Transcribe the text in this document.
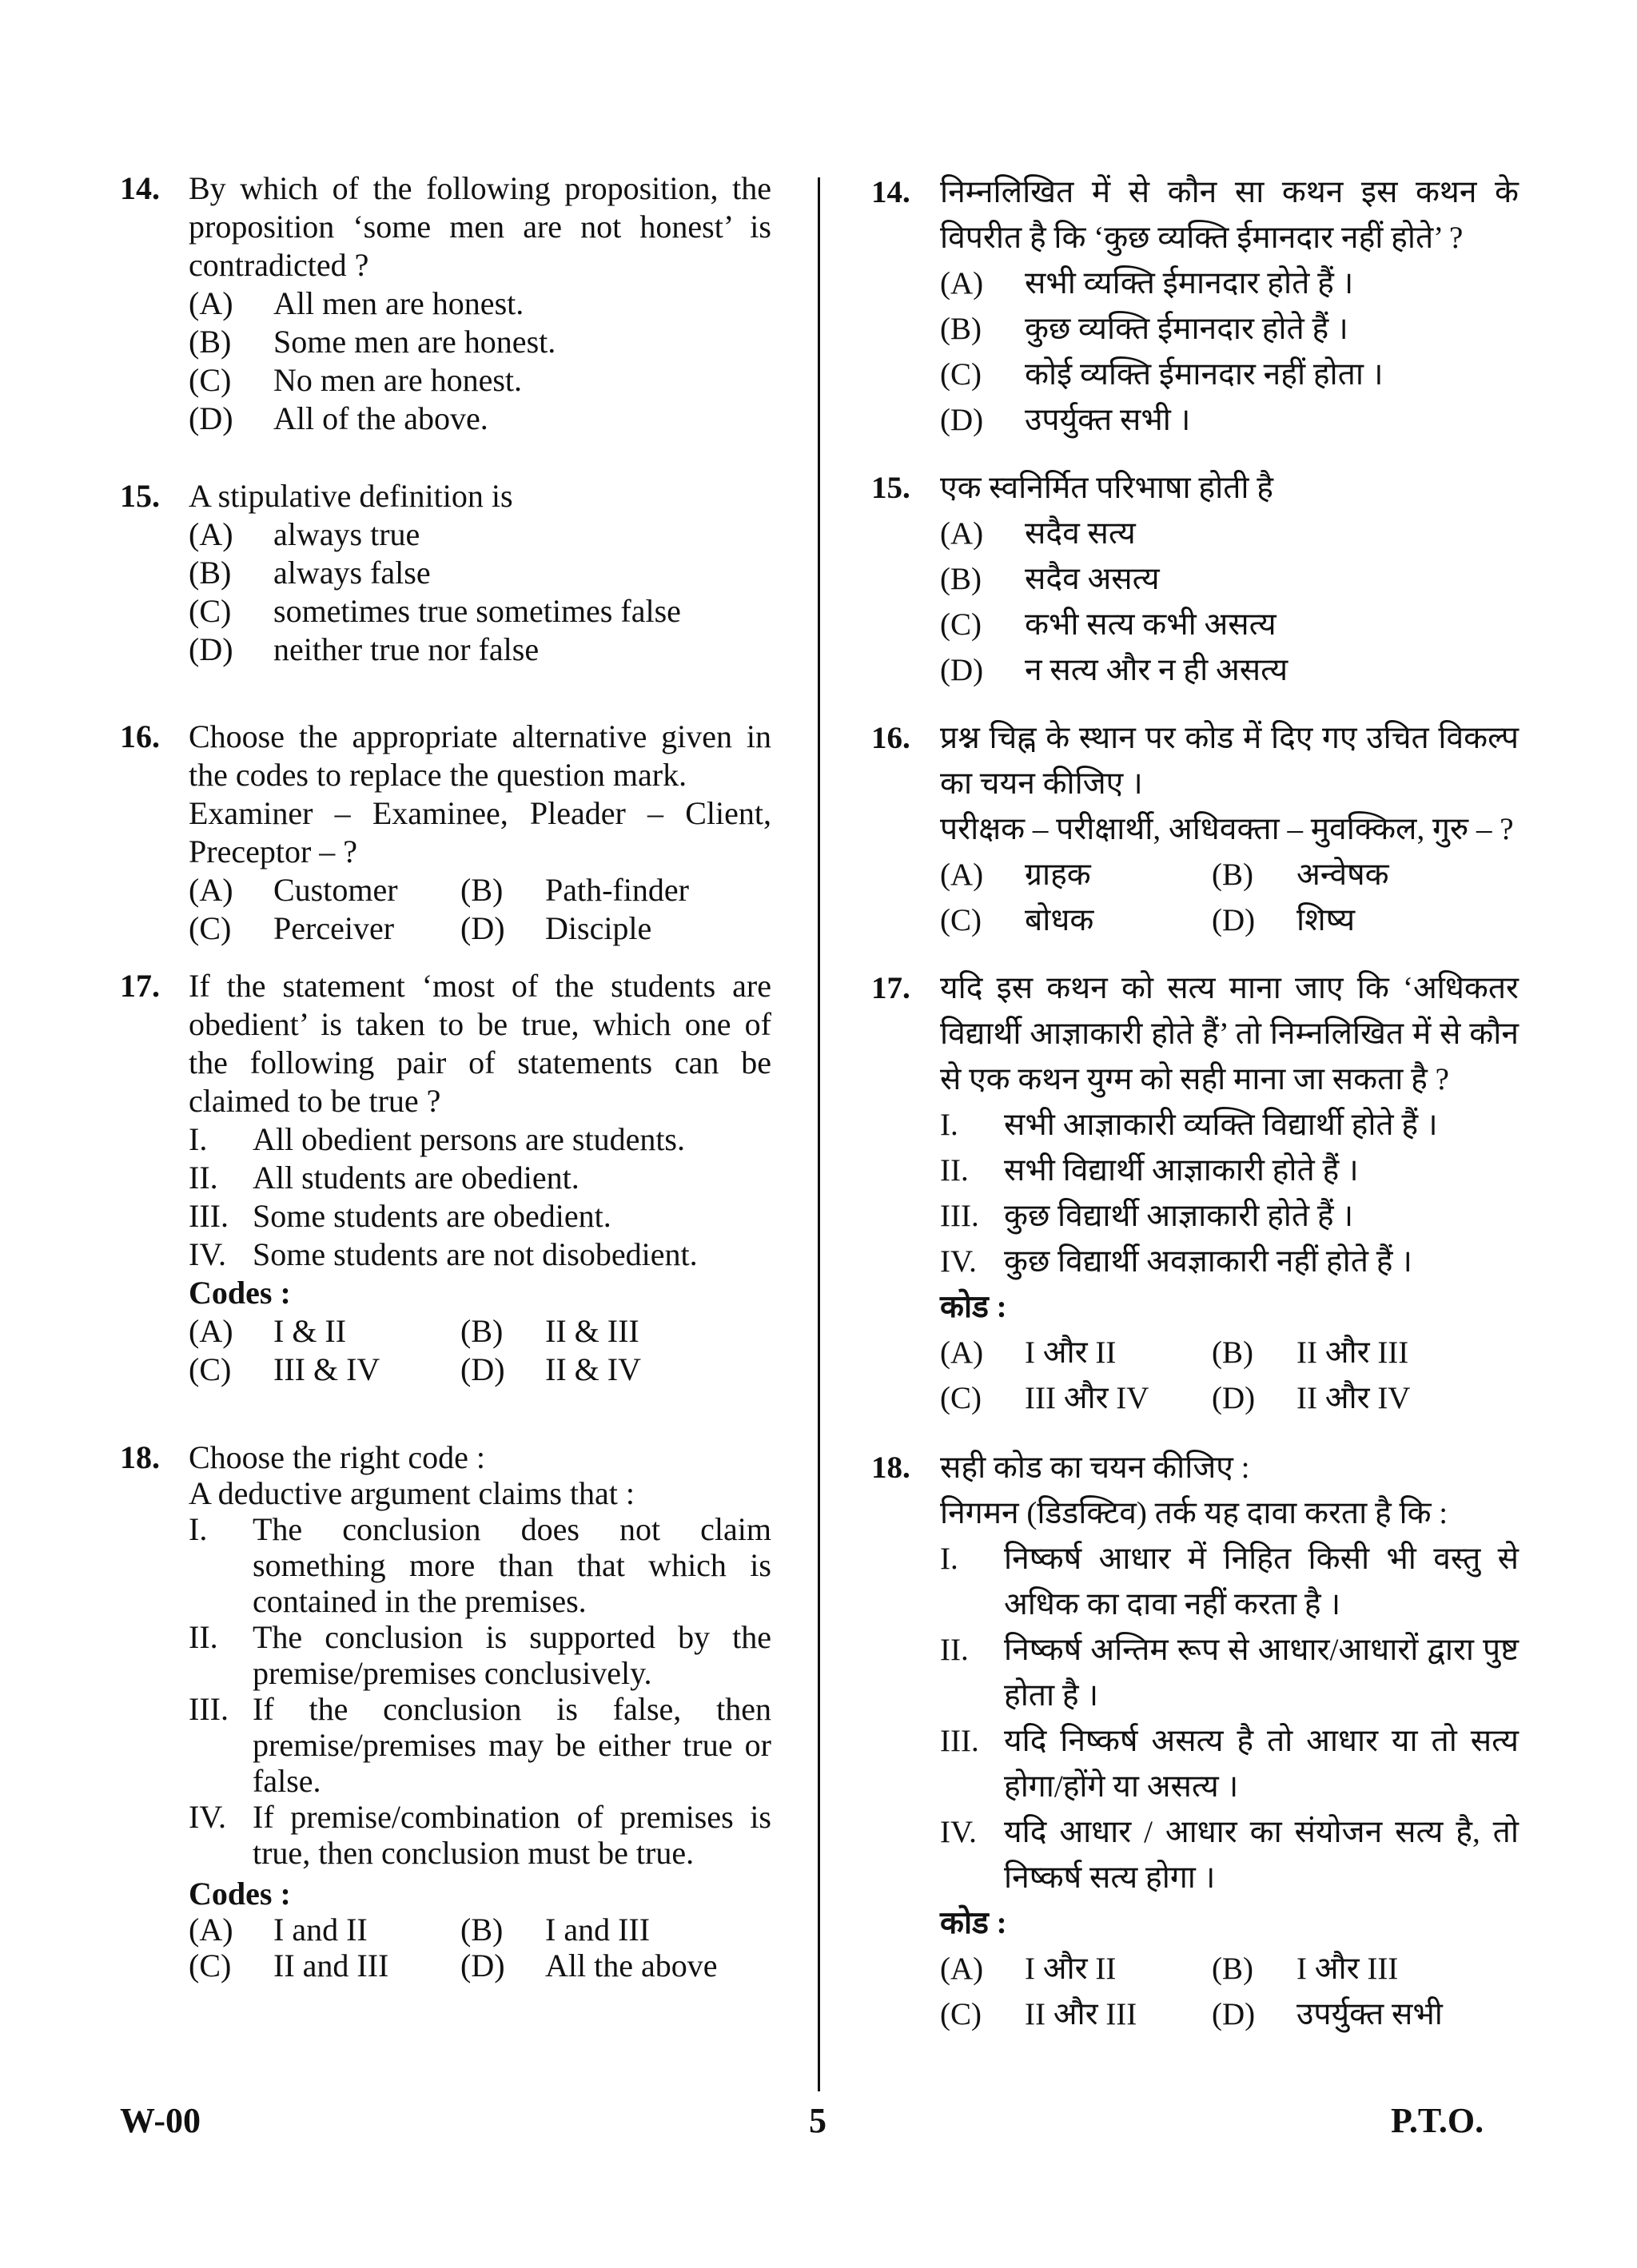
14. By which of the following proposition, the proposition ‘some men are not honest’ is contradicted ?
(A)	All men are honest.
(B)	Some men are honest.
(C)	No men are honest.
(D)	All of the above.
15. A stipulative definition is
(A)	always true
(B)	always false
(C)	sometimes true sometimes false
(D)	neither true nor false
16. Choose the appropriate alternative given in the codes to replace the question mark.
Examiner – Examinee, Pleader – Client, Preceptor – ?
(A)	Customer (B)	Path-finder
(C)	Perceiver (D)	Disciple
17. If the statement ‘most of the students are obedient’ is taken to be true, which one of the following pair of statements can be claimed to be true ?
I.	All obedient persons are students.
II.	All students are obedient.
III. Some students are obedient.
IV. Some students are not disobedient.
Codes :
(A)	I & II	(B)	II & III
(C)	III & IV	(D)	II & IV
18. Choose the right code :
A deductive argument claims that :
I.	The conclusion does not claim something more than that which is contained in the premises.
II.	The conclusion is supported by the premise/premises conclusively.
III. If the conclusion is false, then premise/premises may be either true or false.
IV. If premise/combination of premises is true, then conclusion must be true.
Codes :
(A)	I and II	(B)	I and III
(C)	II and III (D)	All the above
14. निम्नलिखित में से कौन सा कथन इस कथन के विपरीत है कि ‘कुछ व्यक्ति ईमानदार नहीं होते’ ?
(A)	सभी व्यक्ति ईमानदार होते हैं ।
(B)	कुछ व्यक्ति ईमानदार होते हैं ।
(C)	कोई व्यक्ति ईमानदार नहीं होता ।
(D)	उपर्युक्त सभी ।
15. एक स्वनिर्मित परिभाषा होती है
(A)	सदैव सत्य
(B)	सदैव असत्य
(C)	कभी सत्य कभी असत्य
(D)	न सत्य और न ही असत्य
16. प्रश्न चिह्न के स्थान पर कोड में दिए गए उचित विकल्प का चयन कीजिए ।
परीक्षक – परीक्षार्थी, अधिवक्ता – मुवक्किल, गुरु – ?
(A)	ग्राहक	(B)	अन्वेषक
(C)	बोधक	(D)	शिष्य
17. यदि इस कथन को सत्य माना जाए कि ‘अधिकतर विद्यार्थी आज्ञाकारी होते हैं’ तो निम्नलिखित में से कौन से एक कथन युग्म को सही माना जा सकता है ?
I.	सभी आज्ञाकारी व्यक्ति विद्यार्थी होते हैं ।
II.	सभी विद्यार्थी आज्ञाकारी होते हैं ।
III. कुछ विद्यार्थी आज्ञाकारी होते हैं ।
IV. कुछ विद्यार्थी अवज्ञाकारी नहीं होते हैं ।
कोड :
(A)	I और II	(B)	II और III
(C)	III और IV (D)	II और IV
18. सही कोड का चयन कीजिए :
निगमन (डिडक्टिव) तर्क यह दावा करता है कि :
I.	निष्कर्ष आधार में निहित किसी भी वस्तु से अधिक का दावा नहीं करता है ।
II.	निष्कर्ष अन्तिम रूप से आधार/आधारों द्वारा पुष्ट होता है ।
III. यदि निष्कर्ष असत्य है तो आधार या तो सत्य होगा/होंगे या असत्य ।
IV. यदि आधार / आधार का संयोजन सत्य है, तो निष्कर्ष सत्य होगा ।
कोड :
(A)	I और II	(B)	I और III
(C)	II और III (D)	उपर्युक्त सभी
W-00	5	P.T.O.
